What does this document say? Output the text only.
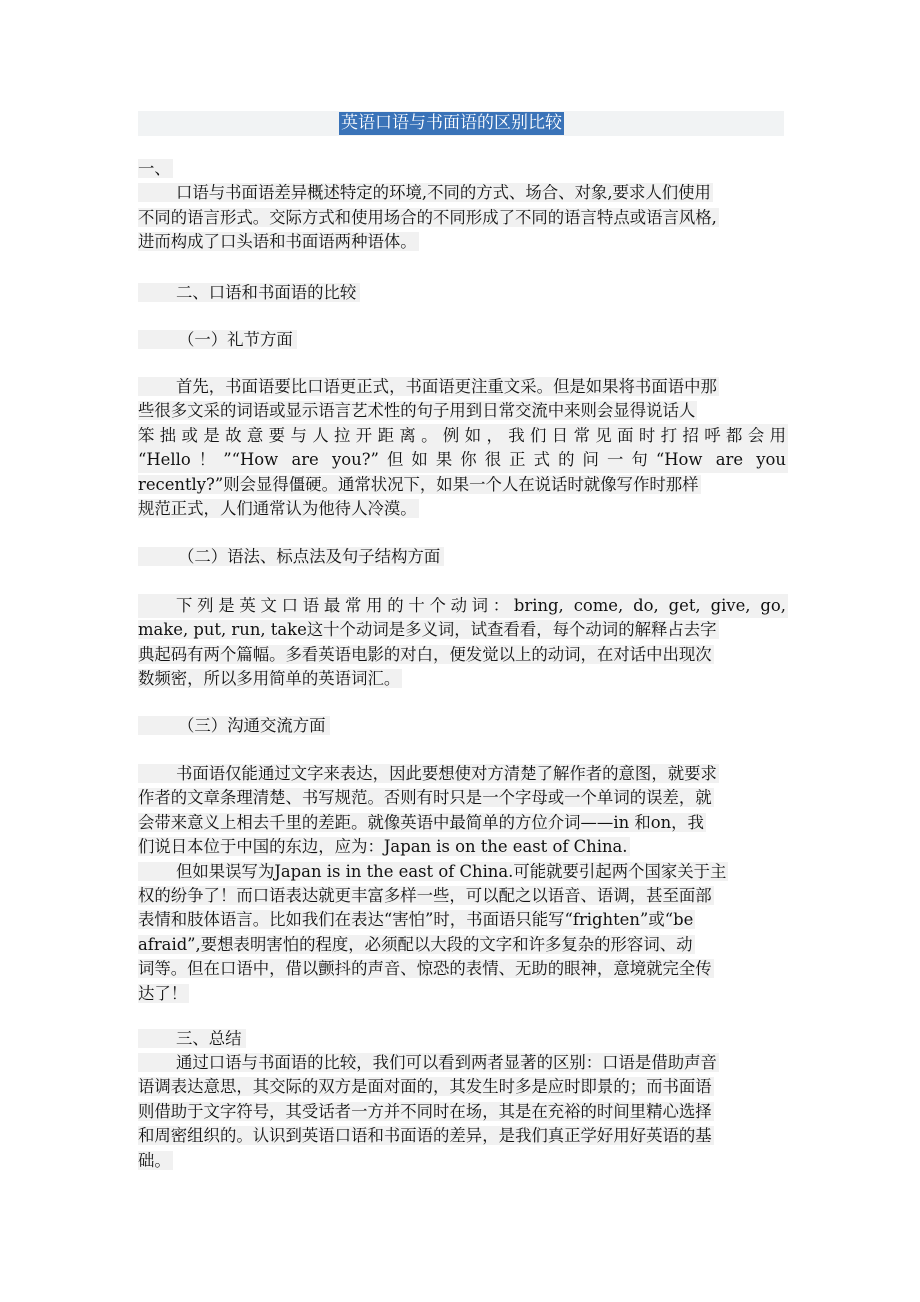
英语口语与书面语的区别比较
一、
口语与书面语差异概述特定的环境,不同的方式、场合、对象,要求人们使用
不同的语言形式。交际方式和使用场合的不同形成了不同的语言特点或语言风格,
进而构成了口头语和书面语两种语体。
二、口语和书面语的比较
（一）礼节方面
首先，书面语要比口语更正式，书面语更注重文采。但是如果将书面语中那
些很多文采的词语或显示语言艺术性的句子用到日常交流中来则会显得说话人
笨拙或是故意要与人拉开距离。例如，我们日常见面时打招呼都会用
“Hello！”“How are you?”但如果你很正式的问一句“How are you
recently?”则会显得僵硬。通常状况下，如果一个人在说话时就像写作时那样
规范正式，人们通常认为他待人冷漠。
（二）语法、标点法及句子结构方面
下列是英文口语最常用的十个动词：bring, come, do, get, give, go,
make, put, run, take这十个动词是多义词，试查看看，每个动词的解释占去字
典起码有两个篇幅。多看英语电影的对白，便发觉以上的动词，在对话中出现次
数频密，所以多用简单的英语词汇。
（三）沟通交流方面
书面语仅能通过文字来表达，因此要想使对方清楚了解作者的意图，就要求
作者的文章条理清楚、书写规范。否则有时只是一个字母或一个单词的误差，就
会带来意义上相去千里的差距。就像英语中最简单的方位介词——in 和on，我
们说日本位于中国的东边，应为：Japan is on the east of China.
但如果误写为Japan is in the east of China.可能就要引起两个国家关于主
权的纷争了！而口语表达就更丰富多样一些，可以配之以语音、语调，甚至面部
表情和肢体语言。比如我们在表达“害怕”时，书面语只能写“frighten”或“be
afraid”,要想表明害怕的程度，必须配以大段的文字和许多复杂的形容词、动
词等。但在口语中，借以颤抖的声音、惊恐的表情、无助的眼神，意境就完全传
达了！
三、总结
通过口语与书面语的比较，我们可以看到两者显著的区别：口语是借助声音
语调表达意思，其交际的双方是面对面的，其发生时多是应时即景的；而书面语
则借助于文字符号，其受话者一方并不同时在场，其是在充裕的时间里精心选择
和周密组织的。认识到英语口语和书面语的差异，是我们真正学好用好英语的基
础。
